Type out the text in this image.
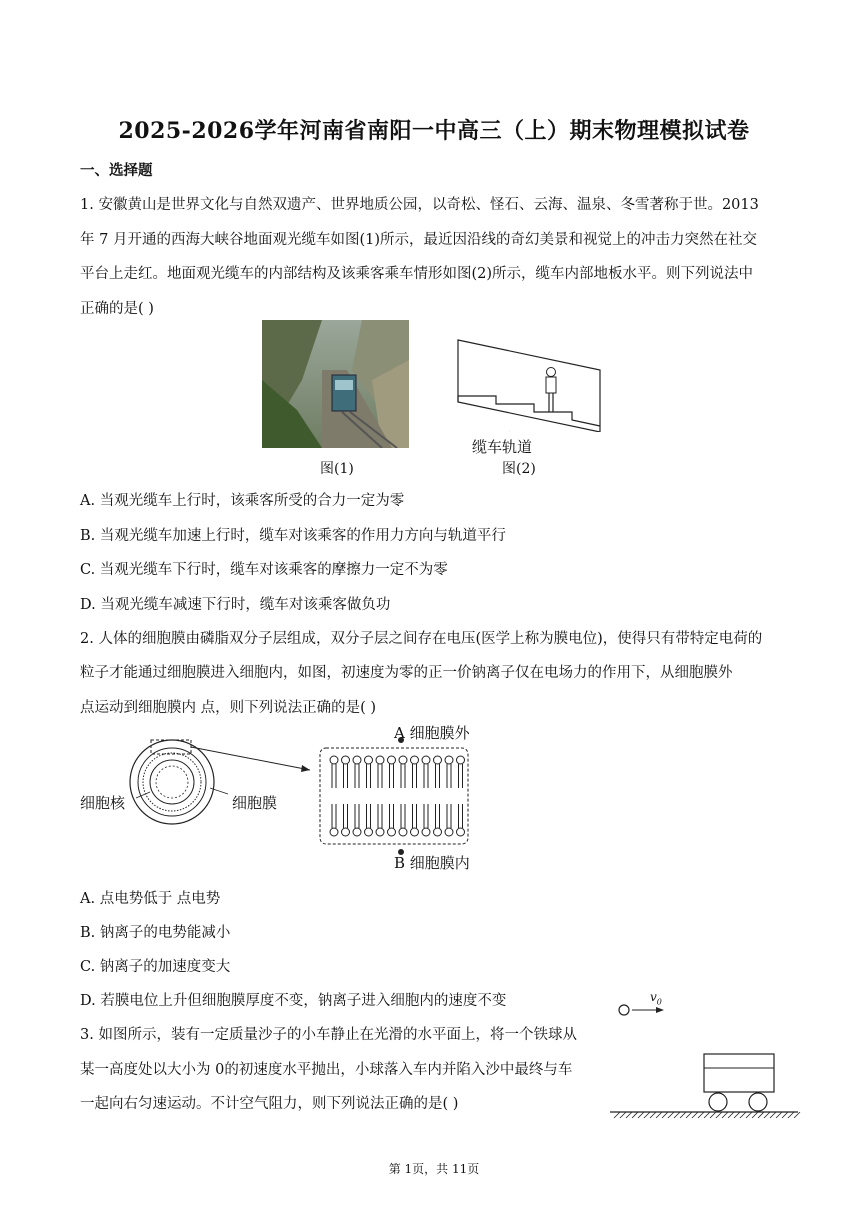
2025-2026学年河南省南阳一中高三（上）期末物理模拟试卷
一、选择题
1. 安徽黄山是世界文化与自然双遗产、世界地质公园，以奇松、怪石、云海、温泉、冬雪著称于世。2013
年 7 月开通的西海大峡谷地面观光缆车如图(1)所示，最近因沿线的奇幻美景和视觉上的冲击力突然在社交
平台上走红。地面观光缆车的内部结构及该乘客乘车情形如图(2)所示，缆车内部地板水平。则下列说法中
正确的是( )
图(1)
缆车轨道
图(2)
A. 当观光缆车上行时，该乘客所受的合力一定为零
B. 当观光缆车加速上行时，缆车对该乘客的作用力方向与轨道平行
C. 当观光缆车下行时，缆车对该乘客的摩擦力一定不为零
D. 当观光缆车减速下行时，缆车对该乘客做负功
2. 人体的细胞膜由磷脂双分子层组成，双分子层之间存在电压(医学上称为膜电位)，使得只有带特定电荷的
粒子才能通过细胞膜进入细胞内，如图，初速度为零的正一价钠离子仅在电场力的作用下，从细胞膜外
点运动到细胞膜内 点，则下列说法正确的是( )
细胞核	细胞膜
A 细胞膜外
B 细胞膜内
A. 点电势低于 点电势
B. 钠离子的电势能减小
C. 钠离子的加速度变大
D. 若膜电位上升但细胞膜厚度不变，钠离子进入细胞内的速度不变
3. 如图所示，装有一定质量沙子的小车静止在光滑的水平面上，将一个铁球从
某一高度处以大小为 0的初速度水平抛出，小球落入车内并陷入沙中最终与车
一起向右匀速运动。不计空气阻力，则下列说法正确的是( )
$v_0$
第 1页，共 11页
